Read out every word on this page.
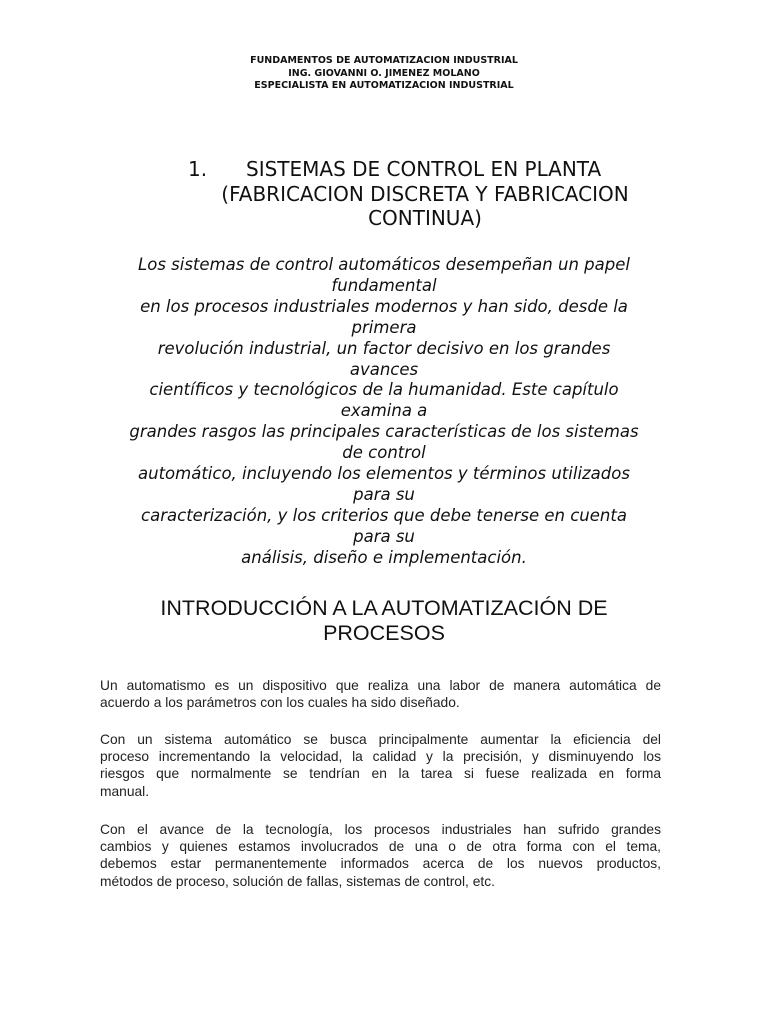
FUNDAMENTOS DE AUTOMATIZACION INDUSTRIAL
ING. GIOVANNI O. JIMENEZ MOLANO
ESPECIALISTA EN AUTOMATIZACION INDUSTRIAL
1. SISTEMAS DE CONTROL EN PLANTA
(FABRICACION DISCRETA Y FABRICACION
CONTINUA)
Los sistemas de control automáticos desempeñan un papel
fundamental
en los procesos industriales modernos y han sido, desde la
primera
revolución industrial, un factor decisivo en los grandes
avances
científicos y tecnológicos de la humanidad. Este capítulo
examina a
grandes rasgos las principales características de los sistemas
de control
automático, incluyendo los elementos y términos utilizados
para su
caracterización, y los criterios que debe tenerse en cuenta
para su
análisis, diseño e implementación.
INTRODUCCIÓN A LA AUTOMATIZACIÓN DE
PROCESOS
Un automatismo es un dispositivo que realiza una labor de manera automática de
acuerdo a los parámetros con los cuales ha sido diseñado.
Con un sistema automático se busca principalmente aumentar la eficiencia del
proceso incrementando la velocidad, la calidad y la precisión, y disminuyendo los
riesgos que normalmente se tendrían en la tarea si fuese realizada en forma
manual.
Con el avance de la tecnología, los procesos industriales han sufrido grandes
cambios y quienes estamos involucrados de una o de otra forma con el tema,
debemos estar permanentemente informados acerca de los nuevos productos,
métodos de proceso, solución de fallas, sistemas de control, etc.
